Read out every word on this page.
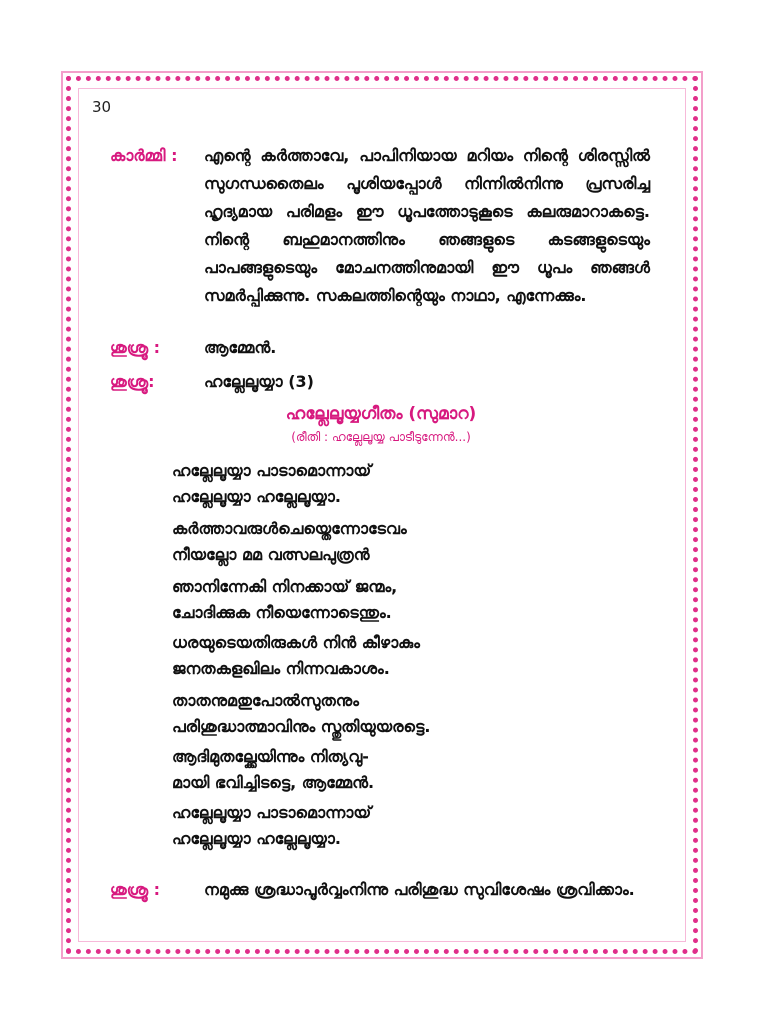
30
കാർമ്മി : എന്റെ കർത്താവേ, പാപിനിയായ മറിയം നിന്റെ ശിരസ്സിൽ സുഗന്ധതൈലം പൂശിയപ്പോൾ നിന്നിൽനിന്നു പ്രസരിച്ച ഹൃദ്യമായ പരിമളം ഈ ധൂപത്തോടുകൂടെ കലരുമാറാകട്ടെ. നിന്റെ ബഹുമാനത്തിനും ഞങ്ങളുടെ കടങ്ങളുടെയും പാപങ്ങളുടെയും മോചനത്തിനുമായി ഈ ധൂപം ഞങ്ങൾ സമർപ്പിക്കുന്നു. സകലത്തിന്റെയും നാഥാ, എന്നേക്കും.
ശുശ്രൂ :	ആമ്മേൻ.
ശുശ്രൂ:	ഹല്ലേലൂയ്യാ (3)
ഹല്ലേലൂയ്യഗീതം (സുമാറ)
(രീതി : ഹല്ലേലൂയ്യ പാടീടുന്നേൻ...)
ഹല്ലേലൂയ്യാ പാടാമൊന്നായ്
ഹല്ലേലൂയ്യാ ഹല്ലേലൂയ്യാ.
കർത്താവരുൾചെയ്തെന്നോടേവം
നീയല്ലോ മമ വത്സലപുത്രൻ
ഞാനിന്നേകി നിനക്കായ് ജന്മം,
ചോദിക്കുക നീയെന്നോടെന്തും.
ധരയുടെയതിരുകൾ നിൻ കീഴാകും
ജനതകളഖിലം നിന്നവകാശം.
താതനുമതുപോൽസുതനും
പരിശുദ്ധാത്മാവിനും സ്തുതിയുയരട്ടെ.
ആദിമുതല്ക്കേയിന്നും നിത്യവു-
മായി ഭവിച്ചിടട്ടെ, ആമ്മേൻ.
ഹല്ലേലൂയ്യാ പാടാമൊന്നായ്
ഹല്ലേലൂയ്യാ ഹല്ലേലൂയ്യാ.
ശുശ്രൂ :	നമുക്കു ശ്രദ്ധാപൂർവ്വംനിന്നു പരിശുദ്ധ സുവിശേഷം ശ്രവിക്കാം.
